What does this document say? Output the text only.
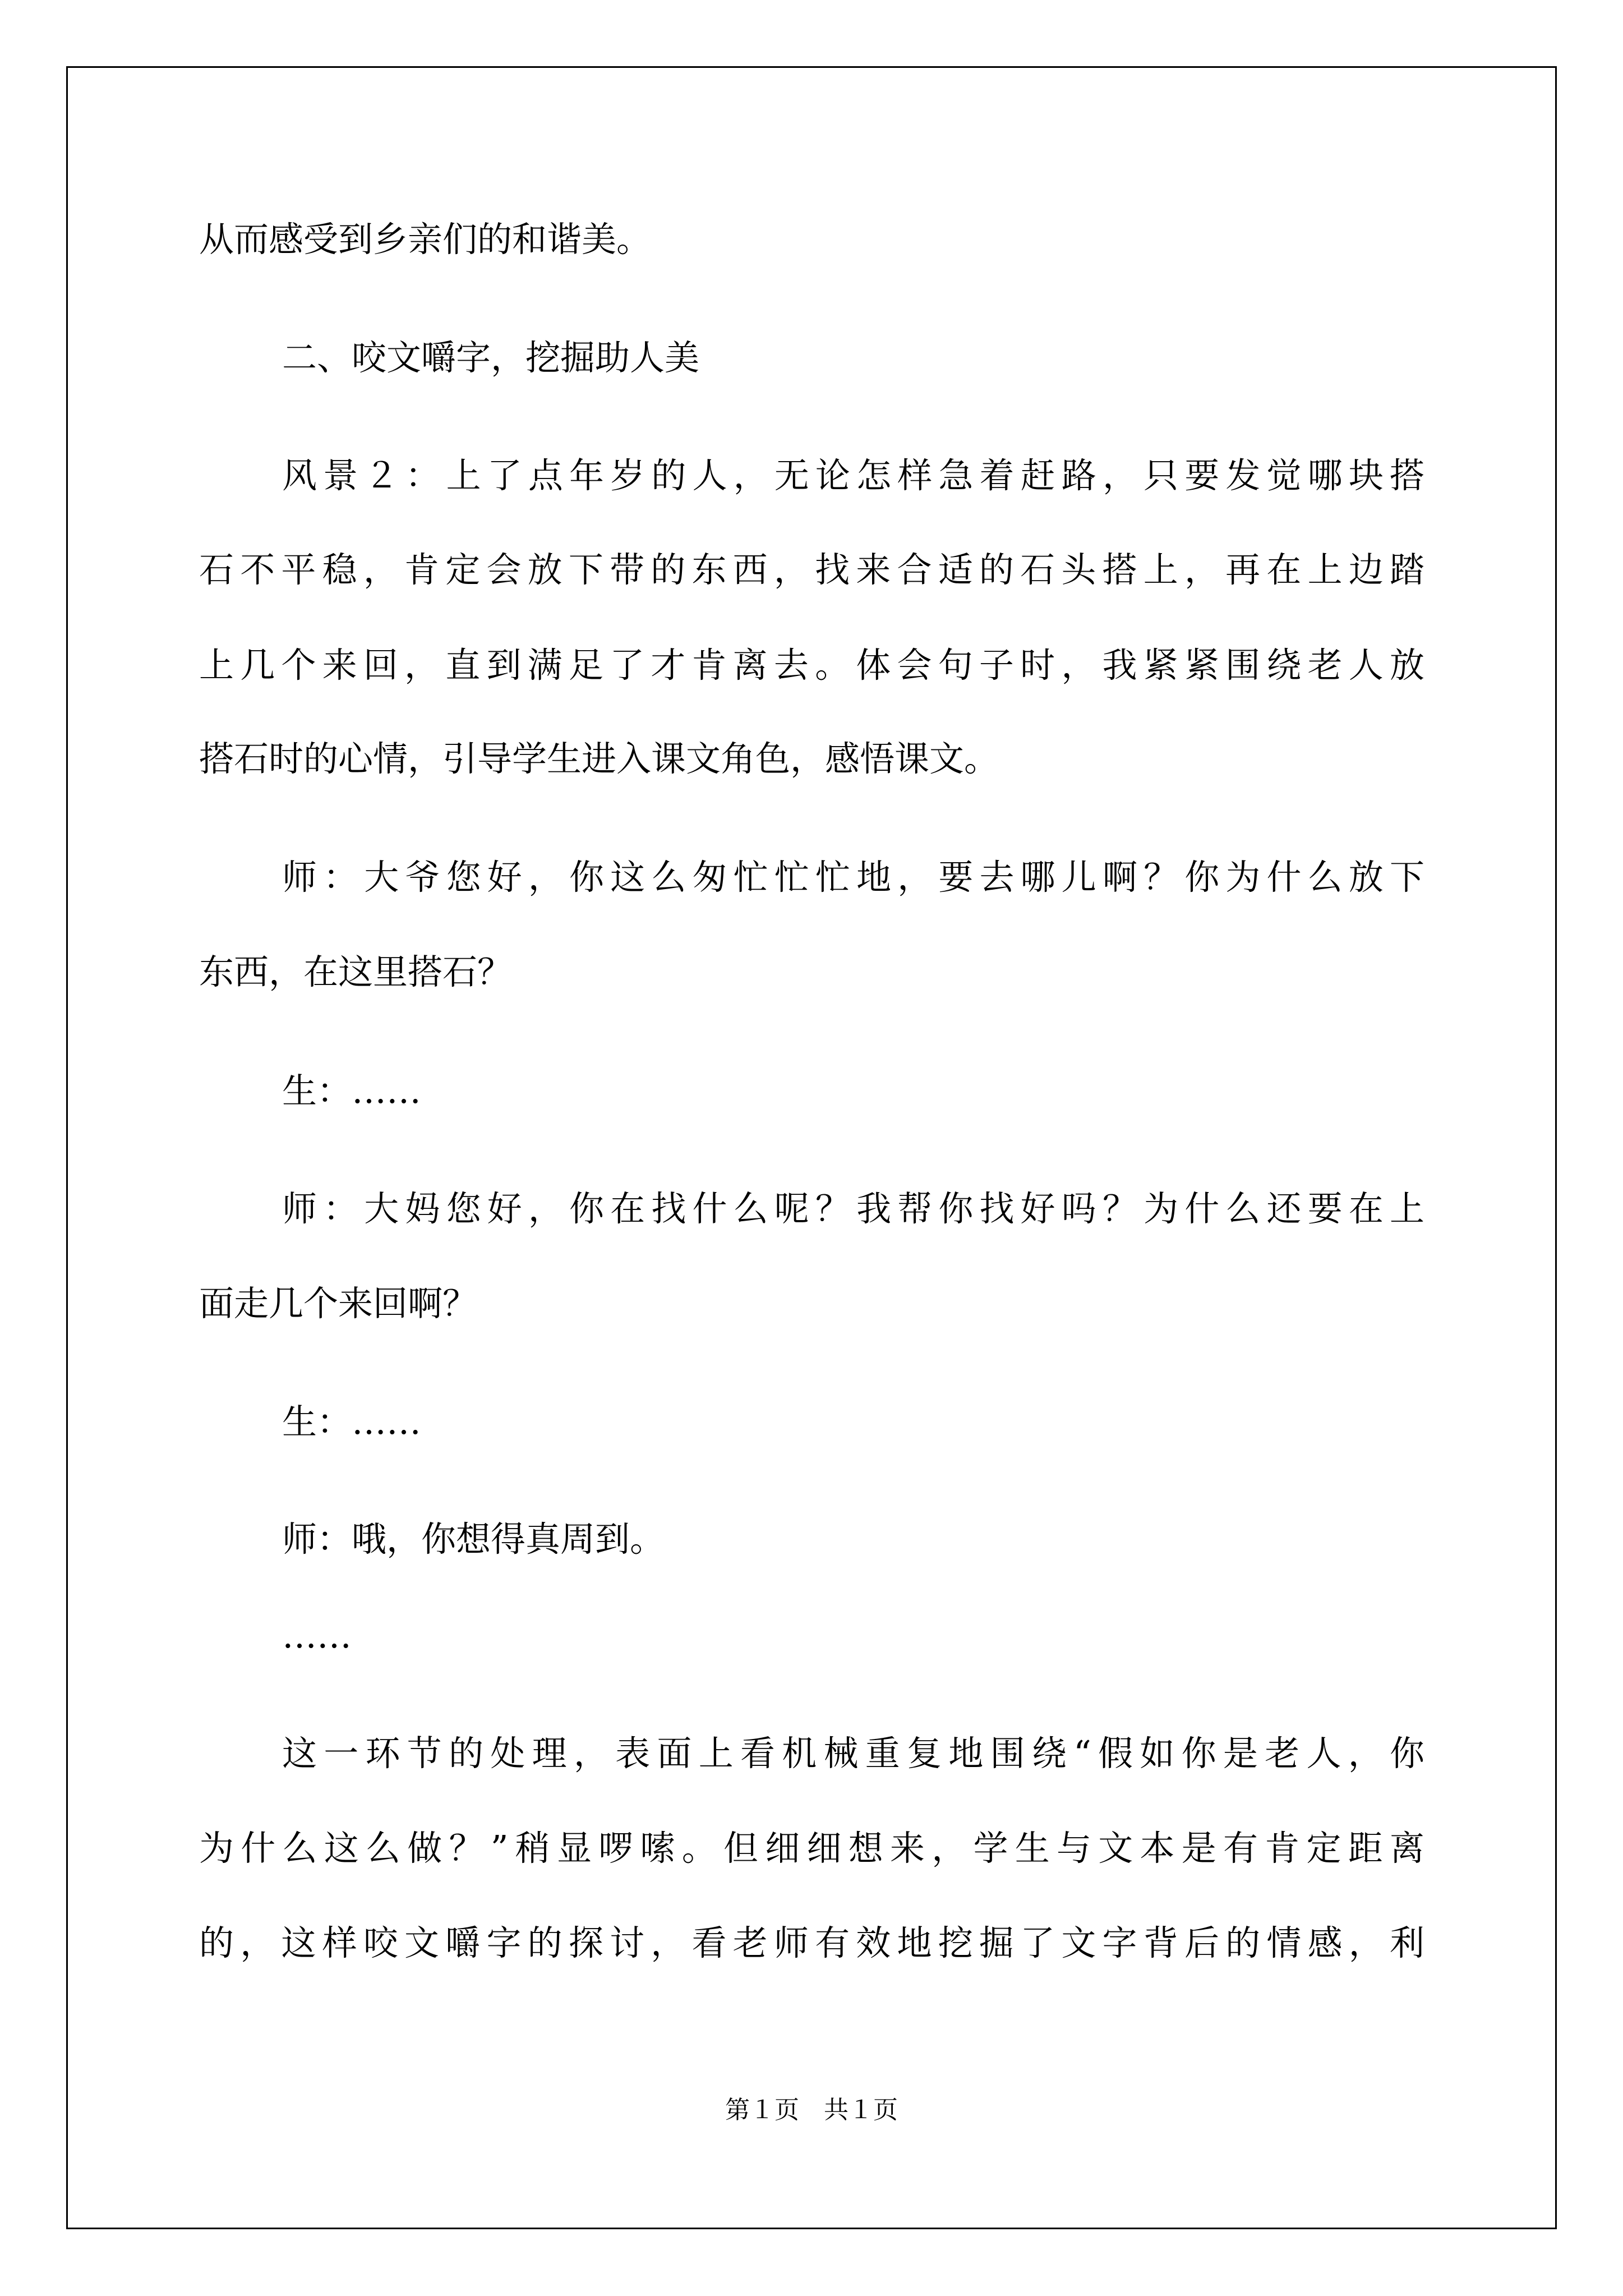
从而感受到乡亲们的和谐美。

二、咬文嚼字，挖掘助人美

风景２：上了点年岁的人，无论怎样急着赶路，只要发觉哪块搭

石不平稳，肯定会放下带的东西，找来合适的石头搭上，再在上边踏

上几个来回，直到满足了才肯离去。体会句子时，我紧紧围绕老人放

搭石时的心情，引导学生进入课文角色，感悟课文。

师：大爷您好，你这么匆忙忙忙地，要去哪儿啊？你为什么放下

东西，在这里搭石？

生：……

师：大妈您好，你在找什么呢？我帮你找好吗？为什么还要在上

面走几个来回啊？

生：……

师：哦，你想得真周到。

……

这一环节的处理，表面上看机械重复地围绕“假如你是老人，你

为什么这么做？”稍显啰嗦。但细细想来，学生与文本是有肯定距离

的，这样咬文嚼字的探讨，看老师有效地挖掘了文字背后的情感，利

第１页　共１页
